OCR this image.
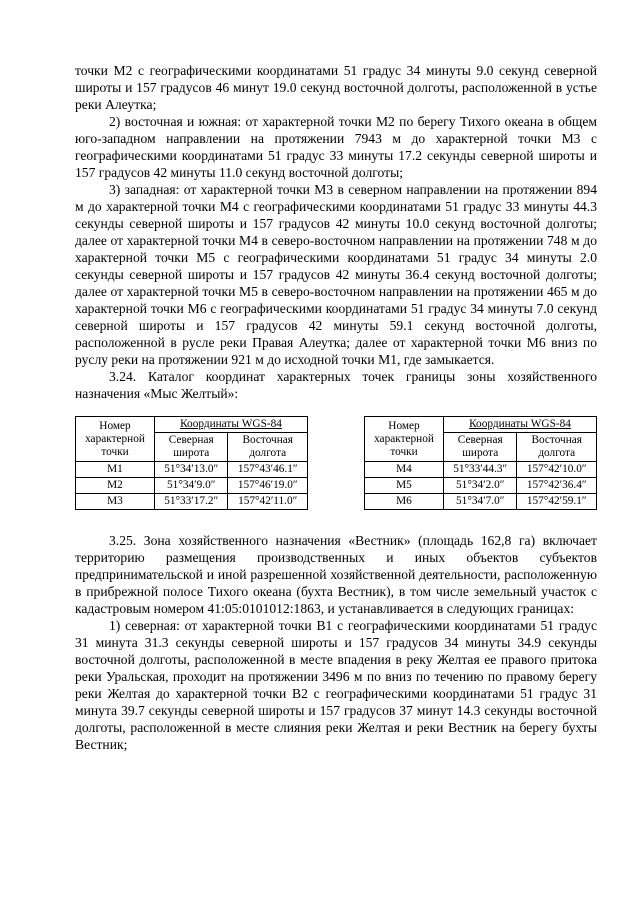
точки М2 с географическими координатами 51 градус 34 минуты 9.0 секунд северной широты и 157 градусов 46 минут 19.0 секунд восточной долготы, расположенной в устье реки Алеутка;

2) восточная и южная: от характерной точки М2 по берегу Тихого океана в общем юго-западном направлении на протяжении 7943 м до характерной точки М3 с географическими координатами 51 градус 33 минуты 17.2 секунды северной широты и 157 градусов 42 минуты 11.0 секунд восточной долготы;

3) западная: от характерной точки М3 в северном направлении на протяжении 894 м до характерной точки М4 с географическими координатами 51 градус 33 минуты 44.3 секунды северной широты и 157 градусов 42 минуты 10.0 секунд восточной долготы; далее от характерной точки М4 в северо-восточном направлении на протяжении 748 м до характерной точки М5 с географическими координатами 51 градус 34 минуты 2.0 секунды северной широты и 157 градусов 42 минуты 36.4 секунд восточной долготы; далее от характерной точки М5 в северо-восточном направлении на протяжении 465 м до характерной точки М6 с географическими координатами 51 градус 34 минуты 7.0 секунд северной широты и 157 градусов 42 минуты 59.1 секунд восточной долготы, расположенной в русле реки Правая Алеутка; далее от характерной точки М6 вниз по руслу реки на протяжении 921 м до исходной точки М1, где замыкается.

3.24. Каталог координат характерных точек границы зоны хозяйственного назначения «Мыс Желтый»:

Номер характерной точки	Координаты WGS-84	
	Северная широта	Восточная долгота
М1	51°34′13.0″	157°43′46.1″
М2	51°34′9.0″	157°46′19.0″
М3	51°33′17.2″	157°42′11.0″
Номер характерной точки	Координаты WGS-84	
	Северная широта	Восточная долгота
М4	51°33′44.3″	157°42′10.0″
М5	51°34′2.0″	157°42′36.4″
М6	51°34′7.0″	157°42′59.1″

3.25. Зона хозяйственного назначения «Вестник» (площадь 162,8 га) включает территорию размещения производственных и иных объектов субъектов предпринимательской и иной разрешенной хозяйственной деятельности, расположенную в прибрежной полосе Тихого океана (бухта Вестник), в том числе земельный участок с кадастровым номером 41:05:0101012:1863, и устанавливается в следующих границах:

1) северная: от характерной точки В1 с географическими координатами 51 градус 31 минута 31.3 секунды северной широты и 157 градусов 34 минуты 34.9 секунды восточной долготы, расположенной в месте впадения в реку Желтая ее правого притока реки Уральская, проходит на протяжении 3496 м по вниз по течению по правому берегу реки Желтая до характерной точки В2 с географическими координатами 51 градус 31 минута 39.7 секунды северной широты и 157 градусов 37 минут 14.3 секунды восточной долготы, расположенной в месте слияния реки Желтая и реки Вестник на берегу бухты Вестник;
